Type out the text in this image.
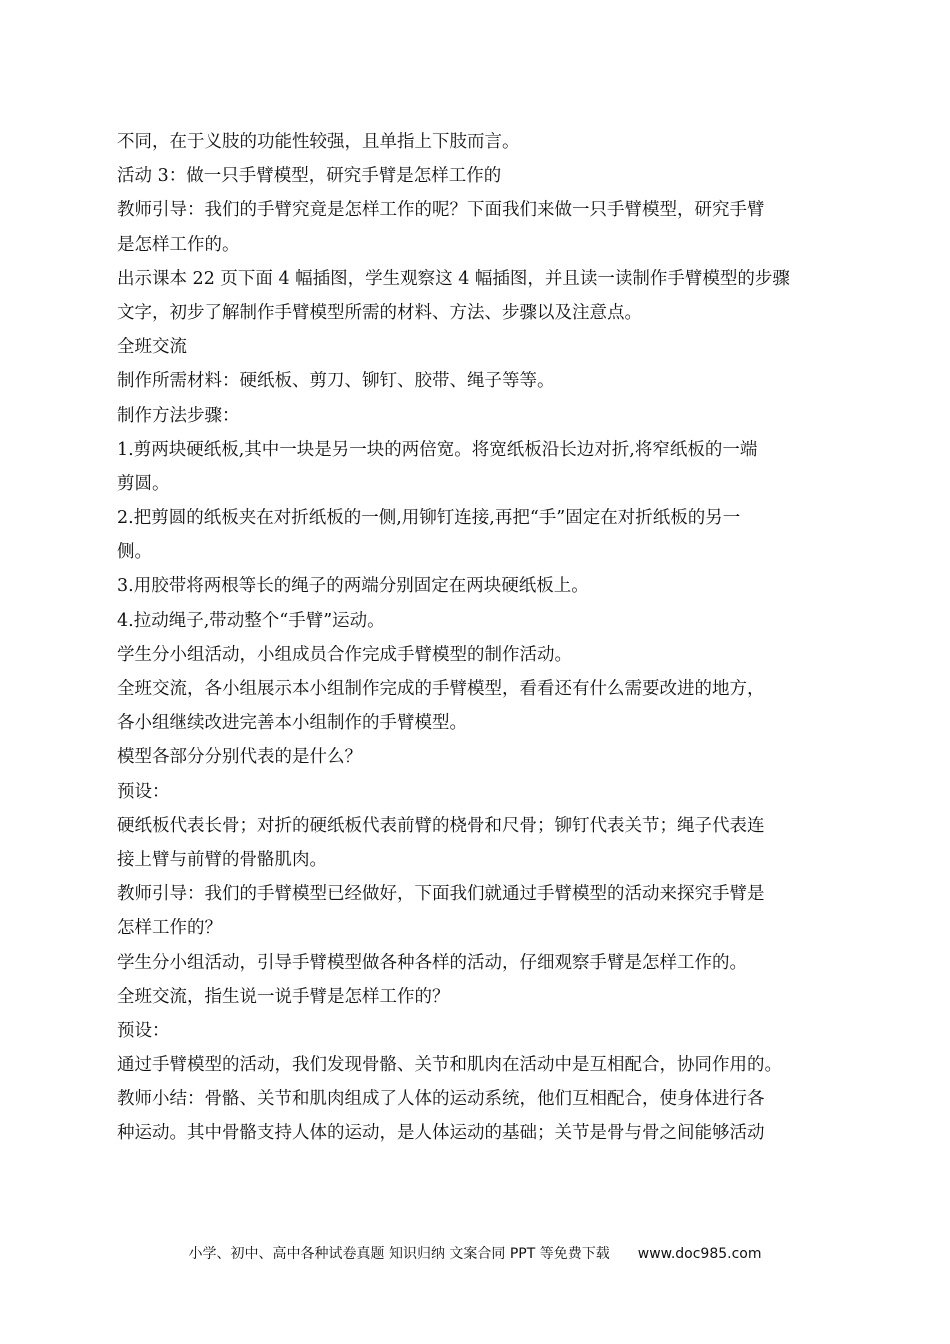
不同，在于义肢的功能性较强，且单指上下肢而言。
活动 3：做一只手臂模型，研究手臂是怎样工作的
教师引导：我们的手臂究竟是怎样工作的呢？下面我们来做一只手臂模型，研究手臂
是怎样工作的。
出示课本 22 页下面 4 幅插图，学生观察这 4 幅插图，并且读一读制作手臂模型的步骤
文字，初步了解制作手臂模型所需的材料、方法、步骤以及注意点。
全班交流
制作所需材料：硬纸板、剪刀、铆钉、胶带、绳子等等。
制作方法步骤：
1.剪两块硬纸板,其中一块是另一块的两倍宽。将宽纸板沿长边对折,将窄纸板的一端
剪圆。
2.把剪圆的纸板夹在对折纸板的一侧,用铆钉连接,再把“手”固定在对折纸板的另一
侧。
3.用胶带将两根等长的绳子的两端分别固定在两块硬纸板上。
4.拉动绳子,带动整个“手臂”运动。
学生分小组活动，小组成员合作完成手臂模型的制作活动。
全班交流，各小组展示本小组制作完成的手臂模型，看看还有什么需要改进的地方，
各小组继续改进完善本小组制作的手臂模型。
模型各部分分别代表的是什么？
预设：
硬纸板代表长骨；对折的硬纸板代表前臂的桡骨和尺骨；铆钉代表关节；绳子代表连
接上臂与前臂的骨骼肌肉。
教师引导：我们的手臂模型已经做好，下面我们就通过手臂模型的活动来探究手臂是
怎样工作的？
学生分小组活动，引导手臂模型做各种各样的活动，仔细观察手臂是怎样工作的。
全班交流，指生说一说手臂是怎样工作的？
预设：
通过手臂模型的活动，我们发现骨骼、关节和肌肉在活动中是互相配合，协同作用的。
教师小结：骨骼、关节和肌肉组成了人体的运动系统，他们互相配合，使身体进行各
种运动。其中骨骼支持人体的运动，是人体运动的基础；关节是骨与骨之间能够活动
小学、初中、高中各种试卷真题 知识归纳 文案合同 PPT 等免费下载 www.doc985.com
